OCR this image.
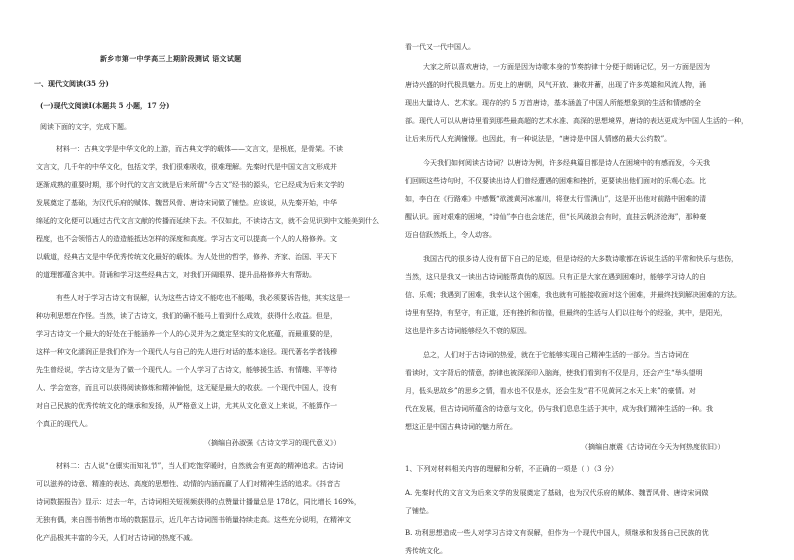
新乡市第一中学高三上期阶段测试 语文试题
一、现代文阅读(35 分)
(一)现代文阅读Ⅰ(本题共 5 小题，17 分)
阅读下面的文字，完成下题。
材料一：古典文学是中华文化的上游，而古典文学的载体——文言文，是根底，是骨架。不读
文言文，几千年的中华文化，包括文学，我们很难吸收，很难理解。先秦时代是中国文言文形成并
逐渐成熟的重要时期，那个时代的文言文就是后来所谓“今古文”经书的源头，它已经成为后来文学的
发展奠定了基础，为汉代乐府的赋体、魏晋风骨、唐诗宋词做了铺垫。应该说，从先秦开始，中华
绵延的文化便可以通过古代文言文献的传播而延续下去。不仅如此，不读诗古文，就不会见识到中文能美到什么
程度，也不会领悟古人的造造能抵达怎样的深度和高度。学习古文可以提高一个人的人格修养。文
以载道，经典古文是中华优秀传统文化最好的载体。为人处世的哲学，修养、齐家、治国、平天下
的道理都蕴含其中。背诵和学习这些经典古文，对我们开阔眼界、提升品格修养大有帮助。
有些人对于学习古诗文有误解，认为这些古诗文不能吃也不能喝，我必须要诉告他，其实这是一
种功利思想在作怪。当然，读了古诗文，我们的确不能马上看到什么成效，获得什么收益。但是，
学习古诗文一个最大的好处在于能涵养一个人的心灵并为之奠定坚实的文化底蕴，而最重要的是，
这样一种文化濡润正是我们作为一个现代人与自己的先人进行对话的基本途径。现代著名学者钱穆
先生曾经说，学古诗文是为了做一个现代人。一个人学习了古诗文，能够援生活、有情趣、平等待
人、学会宽容，而且可以获得阅读修炼和精神愉悦，这无疑是最大的收获。一个现代中国人，没有
对自己民族的优秀传统文化的继承和发扬，从严格意义上讲，尤其从文化意义上来说，不能算作一
个真正的现代人。
（摘编自孙淑强《古诗文学习的现代意义》）
材料二：古人说“仓廪实而知礼节”，当人们吃饱穿暖时，自然就会有更高的精神追求。古诗词
可以滋养的诗意、精准的表达、高度的思想性、动情的内涵而赢了人们对精神生活的追求。《抖音古
诗词数据报告》显示：过去一年，古诗词相关短视频获得的点赞量计播量总是 178亿，同比增长 169%，
无独有偶，来自图书销售市场的数据显示，近几年古诗词图书销量持续走高。这些充分说明，在精神文
化产品极其丰富的今天，人们对古诗词的热度不减。
看一代又一代中国人。
大家之所以喜欢唐诗，一方面是因为诗歌本身的节奏韵律十分便于朗诵记忆，另一方面是因为
唐诗兴盛的时代极具魅力。历史上的唐朝，风气开放、兼收并蓄，出现了许多英雄和风流人物，涌
现出大量诗人、艺术家。现存的约 5 万首唐诗，基本涵盖了中国人所能想象到的生活和情感的全
部。现代人可以从唐诗里看到那些最高超的艺术水准、高深的思想境界，唐诗的表达更成为中国人生活的一种，
让后来历代人充满憧憬。也因此，有一种说法是，“唐诗是中国人情感的最大公约数”。
今天我们如何阅读古诗词？以唐诗为例，许多经典篇目都是诗人在困境中的有感而发，今天我
们回顾这些诗句时，不仅要读出诗人们曾经遭遇的困难和挫折，更要读出他们面对的乐观心态。比
如，李白在《行路难》中感慨“欲渡黄河冰塞川，将登太行雪满山”，这是开出他对前路中困难的清
醒认识。面对艰难的困境，“诗仙”李白也会迷茫，但“长风破浪会有时，直挂云帆济沧海”，那种豪
迈自信跃然纸上，令人动容。
我国古代的很多诗人没有留下自己的足迹，但是诗经的大多数诗歌都在诉说生活的平常和快乐与悲伤，
当然，这只是我又一读出古诗词能帮真伪的原因。只有正是大家在遇到困难时，能够学习诗人的自
信、乐观；我遇到了困难，我幸认这个困难，我也就有可能接收面对这个困难，并最终找到解决困难的方法。
诗里有坚持，有坚守，有正道，还有挫折和彷徨，但最终的生活与人们以往每个的经验，其中，是阳光，
这也是许多古诗词能够经久不衰的原因。
总之，人们对于古诗词的热爱，就在于它能够实现自己精神生活的一部分。当古诗词在
看读时，文字背后的情意，韵律也被深深印入脑海，使我们看到有不仅是月，还会产生“举头望明
月，低头思故乡”的思乡之情，看水也不仅是水，还会生发“君不见黄河之水天上来”的豪情。对
代在发展，但古诗词所蕴含的诗意与文化，仍与我们息息生活于其中，成为我们精神生活的一种。我
想这正是中国古典诗词的魅力所在。
（摘编自康震《古诗词在今天为何热度依旧》）
1、下列对材料相关内容的理解和分析，不正确的一项是（ ）（3 分）
A. 先秦时代的文言文为后来文学的发展奠定了基础，也为汉代乐府的赋体、魏晋风骨、唐诗宋词做
了铺垫。
B. 功利思想造成一些人对学习古诗文有误解，但作为一个现代中国人，须继承和发扬自己民族的优
秀传统文化。
